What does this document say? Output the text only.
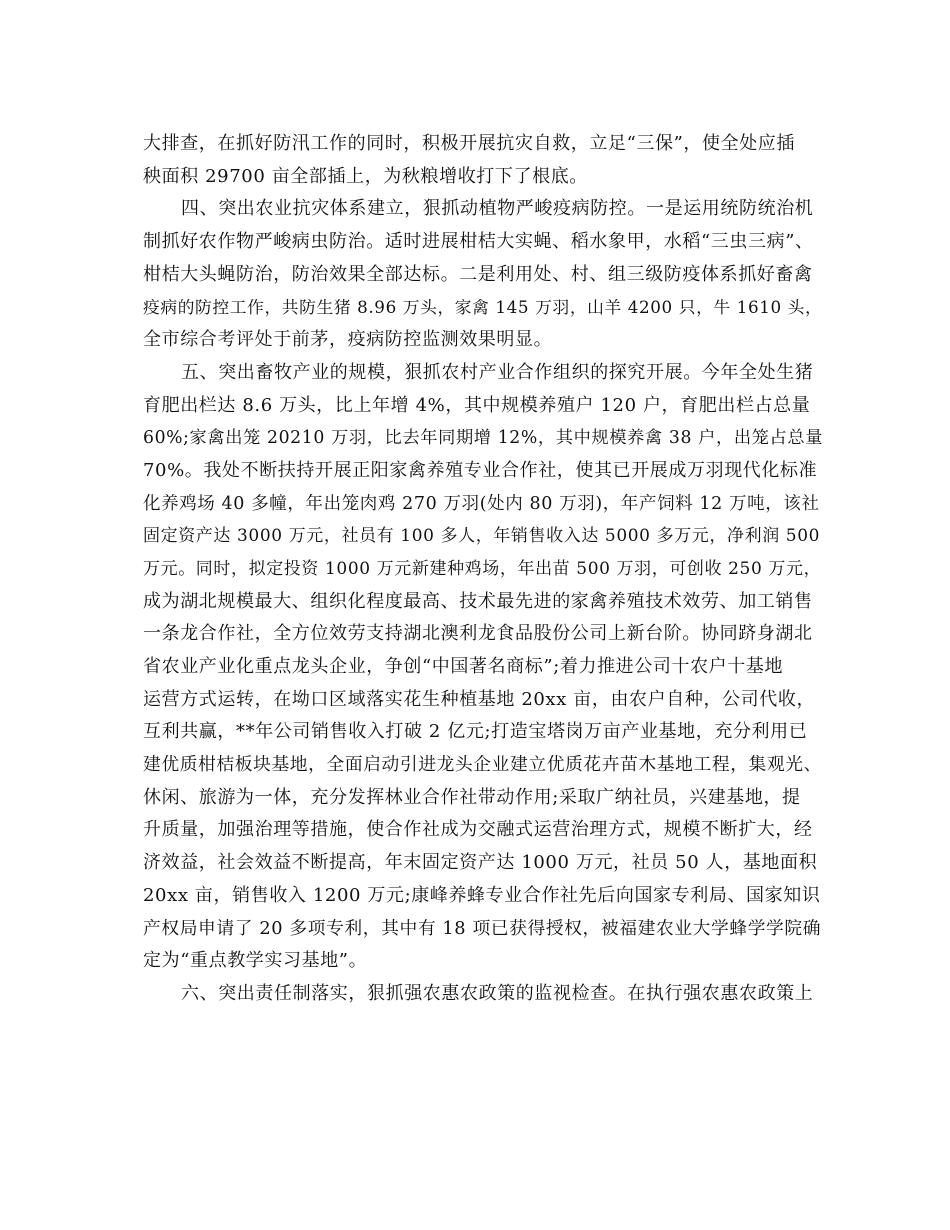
大排查，在抓好防汛工作的同时，积极开展抗灾自救，立足“三保”，使全处应插
秧面积 29700 亩全部插上，为秋粮增收打下了根底。
四、突出农业抗灾体系建立，狠抓动植物严峻疫病防控。一是运用统防统治机
制抓好农作物严峻病虫防治。适时进展柑桔大实蝇、稻水象甲，水稻“三虫三病”、
柑桔大头蝇防治，防治效果全部达标。二是利用处、村、组三级防疫体系抓好畜禽
疫病的防控工作，共防生猪 8.96 万头，家禽 145 万羽，山羊 4200 只，牛 1610 头，
全市综合考评处于前茅，疫病防控监测效果明显。
五、突出畜牧产业的规模，狠抓农村产业合作组织的探究开展。今年全处生猪
育肥出栏达 8.6 万头，比上年增 4%，其中规模养殖户 120 户，育肥出栏占总量
60%;家禽出笼 20210 万羽，比去年同期增 12%，其中规模养禽 38 户，出笼占总量
70%。我处不断扶持开展正阳家禽养殖专业合作社，使其已开展成万羽现代化标准
化养鸡场 40 多幢，年出笼肉鸡 270 万羽(处内 80 万羽)，年产饲料 12 万吨，该社
固定资产达 3000 万元，社员有 100 多人，年销售收入达 5000 多万元，净利润 500
万元。同时，拟定投资 1000 万元新建种鸡场，年出苗 500 万羽，可创收 250 万元，
成为湖北规模最大、组织化程度最高、技术最先进的家禽养殖技术效劳、加工销售
一条龙合作社，全方位效劳支持湖北澳利龙食品股份公司上新台阶。协同跻身湖北
省农业产业化重点龙头企业，争创“中国著名商标”;着力推进公司十农户十基地
运营方式运转，在坳口区域落实花生种植基地 20xx 亩，由农户自种，公司代收，
互利共赢，**年公司销售收入打破 2 亿元;打造宝塔岗万亩产业基地，充分利用已
建优质柑桔板块基地，全面启动引进龙头企业建立优质花卉苗木基地工程，集观光、
休闲、旅游为一体，充分发挥林业合作社带动作用;采取广纳社员，兴建基地，提
升质量，加强治理等措施，使合作社成为交融式运营治理方式，规模不断扩大，经
济效益，社会效益不断提高，年末固定资产达 1000 万元，社员 50 人，基地面积
20xx 亩，销售收入 1200 万元;康峰养蜂专业合作社先后向国家专利局、国家知识
产权局申请了 20 多项专利，其中有 18 项已获得授权，被福建农业大学蜂学学院确
定为“重点教学实习基地”。
六、突出责任制落实，狠抓强农惠农政策的监视检查。在执行强农惠农政策上
